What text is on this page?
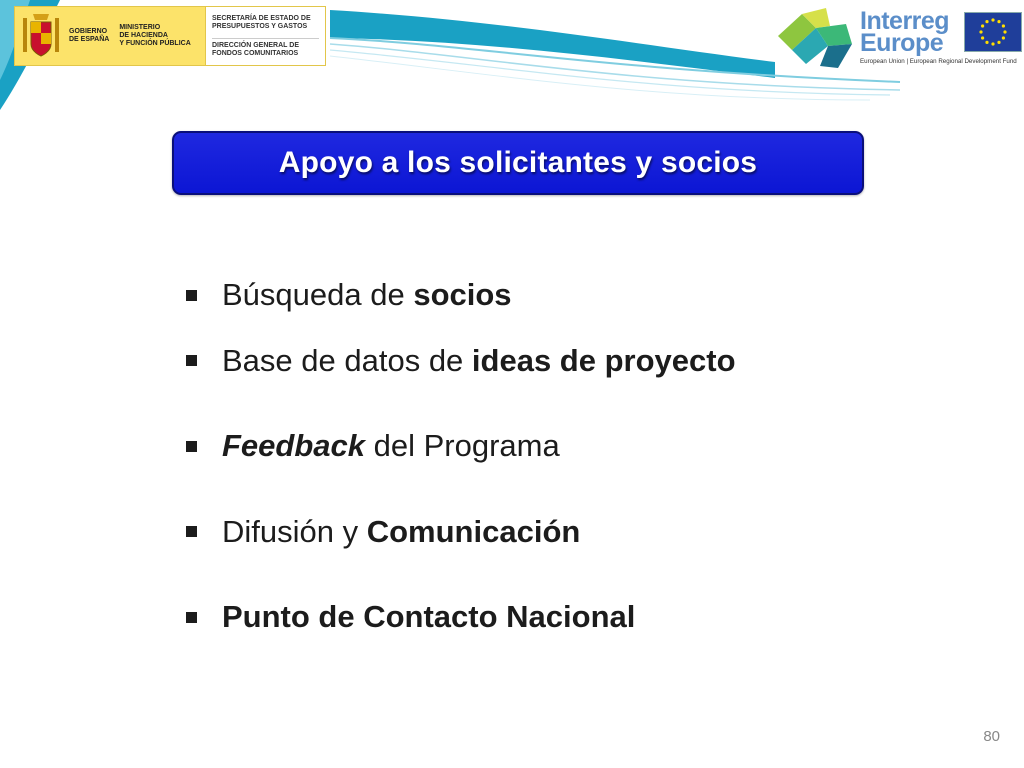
GOBIERNO
DE ESPAÑA
MINISTERIO
DE HACIENDA
Y FUNCIÓN PÚBLICA
SECRETARÍA DE ESTADO DE PRESUPUESTOS Y GASTOS
DIRECCIÓN GENERAL DE FONDOS COMUNITARIOS
Interreg
Europe
European Union | European Regional Development Fund
Apoyo a los solicitantes y socios
Búsqueda de socios
Base de datos de ideas de proyecto
Feedback del Programa
Difusión y Comunicación
Punto de Contacto Nacional
80
